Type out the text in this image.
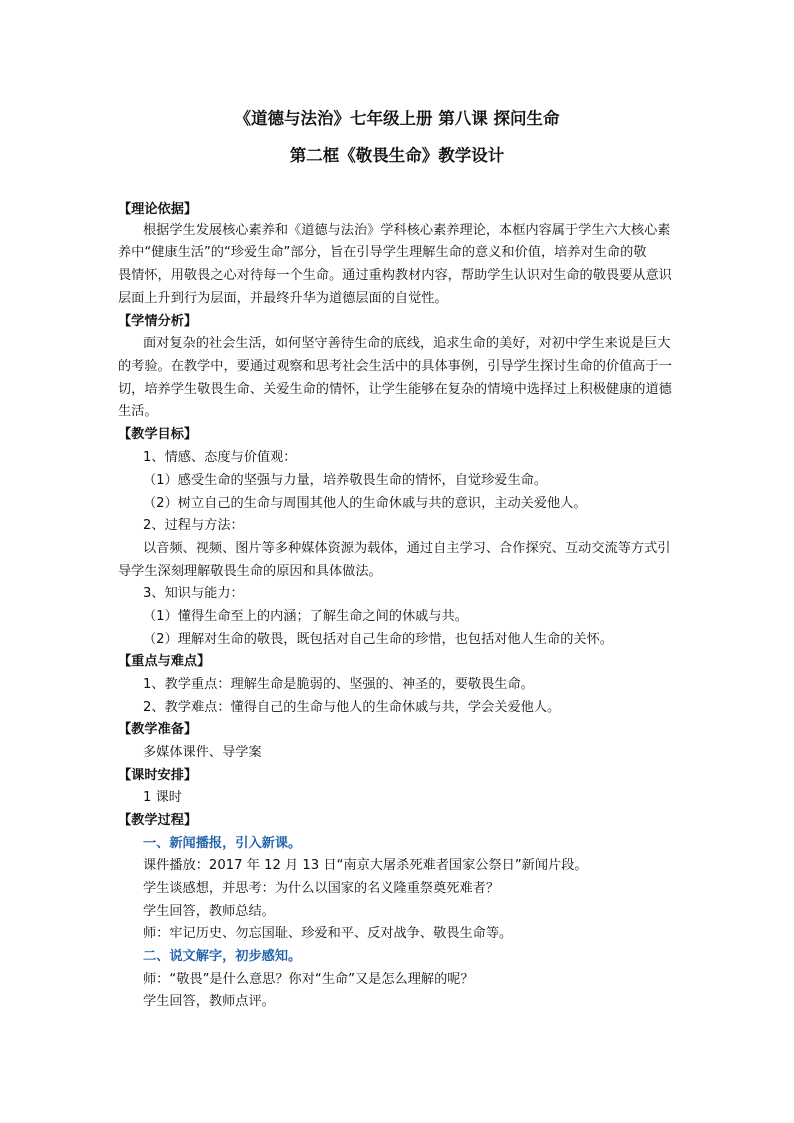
《道德与法治》七年级上册 第八课 探问生命
第二框《敬畏生命》教学设计
【理论依据】
根据学生发展核心素养和《道德与法治》学科核心素养理论，本框内容属于学生六大核心素
养中“健康生活”的“珍爱生命”部分，旨在引导学生理解生命的意义和价值，培养对生命的敬
畏情怀，用敬畏之心对待每一个生命。通过重构教材内容，帮助学生认识对生命的敬畏要从意识
层面上升到行为层面，并最终升华为道德层面的自觉性。
【学情分析】
面对复杂的社会生活，如何坚守善待生命的底线，追求生命的美好，对初中学生来说是巨大
的考验。在教学中，要通过观察和思考社会生活中的具体事例，引导学生探讨生命的价值高于一
切，培养学生敬畏生命、关爱生命的情怀，让学生能够在复杂的情境中选择过上积极健康的道德
生活。
【教学目标】
1、情感、态度与价值观：
（1）感受生命的坚强与力量，培养敬畏生命的情怀，自觉珍爱生命。
（2）树立自己的生命与周围其他人的生命休戚与共的意识，主动关爱他人。
2、过程与方法：
以音频、视频、图片等多种媒体资源为载体，通过自主学习、合作探究、互动交流等方式引
导学生深刻理解敬畏生命的原因和具体做法。
3、知识与能力：
（1）懂得生命至上的内涵；了解生命之间的休戚与共。
（2）理解对生命的敬畏，既包括对自己生命的珍惜，也包括对他人生命的关怀。
【重点与难点】
1、教学重点：理解生命是脆弱的、坚强的、神圣的，要敬畏生命。
2、教学难点：懂得自己的生命与他人的生命休戚与共，学会关爱他人。
【教学准备】
多媒体课件、导学案
【课时安排】
1 课时
【教学过程】
一、新闻播报，引入新课。
课件播放：2017 年 12 月 13 日“南京大屠杀死难者国家公祭日”新闻片段。
学生谈感想，并思考：为什么以国家的名义隆重祭奠死难者？
学生回答，教师总结。
师：牢记历史、勿忘国耻、珍爱和平、反对战争、敬畏生命等。
二、说文解字，初步感知。
师：“敬畏”是什么意思？你对“生命”又是怎么理解的呢？
学生回答，教师点评。
